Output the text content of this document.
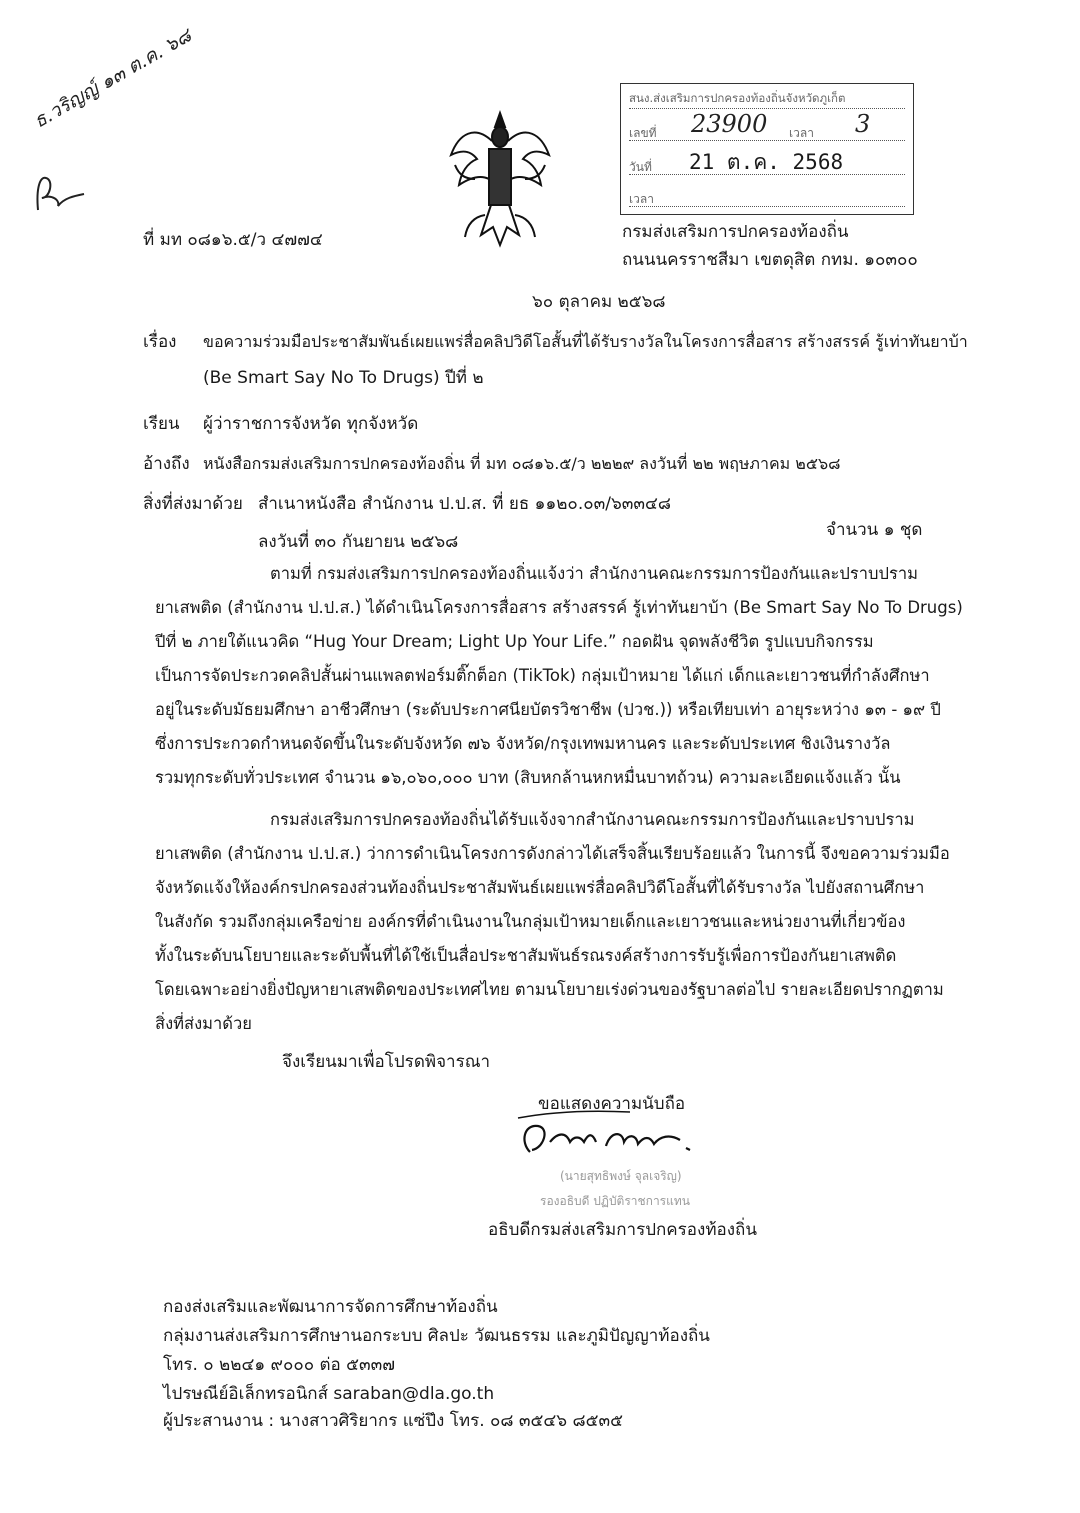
ธ.วริญญ์ ๑๓ ต.ค. ๖๘	สนง.ส่งเสริมการปกครองท้องถิ่นจังหวัดภูเก็ต
เลขที่ 23900 เวลา 3
วันที่ 21 ต.ค. 2568
เวลา
ที่ มท ๐๘๑๖.๕/ว ๔๗๗๔	กรมส่งเสริมการปกครองท้องถิ่น
ถนนนครราชสีมา เขตดุสิต กทม. ๑๐๓๐๐
๖๐ ตุลาคม ๒๕๖๘
เรื่อง ขอความร่วมมือประชาสัมพันธ์เผยแพร่สื่อคลิปวิดีโอสั้นที่ได้รับรางวัลในโครงการสื่อสาร สร้างสรรค์ รู้เท่าทันยาบ้า
(Be Smart Say No To Drugs) ปีที่ ๒
เรียน ผู้ว่าราชการจังหวัด ทุกจังหวัด
อ้างถึง หนังสือกรมส่งเสริมการปกครองท้องถิ่น ที่ มท ๐๘๑๖.๕/ว ๒๒๒๙ ลงวันที่ ๒๒ พฤษภาคม ๒๕๖๘
สิ่งที่ส่งมาด้วย สำเนาหนังสือ สำนักงาน ป.ป.ส. ที่ ยธ ๑๑๒๐.๐๓/๖๓๓๔๘
จำนวน ๑ ชุด
ลงวันที่ ๓๐ กันยายน ๒๕๖๘
ตามที่ กรมส่งเสริมการปกครองท้องถิ่นแจ้งว่า สำนักงานคณะกรรมการป้องกันและปราบปราม
ยาเสพติด (สำนักงาน ป.ป.ส.) ได้ดำเนินโครงการสื่อสาร สร้างสรรค์ รู้เท่าทันยาบ้า (Be Smart Say No To Drugs)
ปีที่ ๒ ภายใต้แนวคิด “Hug Your Dream; Light Up Your Life.” กอดฝัน จุดพลังชีวิต รูปแบบกิจกรรม
เป็นการจัดประกวดคลิปสั้นผ่านแพลตฟอร์มติ๊กต็อก (TikTok) กลุ่มเป้าหมาย ได้แก่ เด็กและเยาวชนที่กำลังศึกษา
อยู่ในระดับมัธยมศึกษา อาชีวศึกษา (ระดับประกาศนียบัตรวิชาชีพ (ปวช.)) หรือเทียบเท่า อายุระหว่าง ๑๓ - ๑๙ ปี
ซึ่งการประกวดกำหนดจัดขึ้นในระดับจังหวัด ๗๖ จังหวัด/กรุงเทพมหานคร และระดับประเทศ ชิงเงินรางวัล
รวมทุกระดับทั่วประเทศ จำนวน ๑๖,๐๖๐,๐๐๐ บาท (สิบหกล้านหกหมื่นบาทถ้วน) ความละเอียดแจ้งแล้ว นั้น
กรมส่งเสริมการปกครองท้องถิ่นได้รับแจ้งจากสำนักงานคณะกรรมการป้องกันและปราบปราม
ยาเสพติด (สำนักงาน ป.ป.ส.) ว่าการดำเนินโครงการดังกล่าวได้เสร็จสิ้นเรียบร้อยแล้ว ในการนี้ จึงขอความร่วมมือ
จังหวัดแจ้งให้องค์กรปกครองส่วนท้องถิ่นประชาสัมพันธ์เผยแพร่สื่อคลิปวิดีโอสั้นที่ได้รับรางวัล ไปยังสถานศึกษา
ในสังกัด รวมถึงกลุ่มเครือข่าย องค์กรที่ดำเนินงานในกลุ่มเป้าหมายเด็กและเยาวชนและหน่วยงานที่เกี่ยวข้อง
ทั้งในระดับนโยบายและระดับพื้นที่ได้ใช้เป็นสื่อประชาสัมพันธ์รณรงค์สร้างการรับรู้เพื่อการป้องกันยาเสพติด
โดยเฉพาะอย่างยิ่งปัญหายาเสพติดของประเทศไทย ตามนโยบายเร่งด่วนของรัฐบาลต่อไป รายละเอียดปรากฏตาม
สิ่งที่ส่งมาด้วย
จึงเรียนมาเพื่อโปรดพิจารณา
ขอแสดงความนับถือ
(นายสุทธิพงษ์ จุลเจริญ)
รองอธิบดี ปฏิบัติราชการแทน
อธิบดีกรมส่งเสริมการปกครองท้องถิ่น
กองส่งเสริมและพัฒนาการจัดการศึกษาท้องถิ่น
กลุ่มงานส่งเสริมการศึกษานอกระบบ ศิลปะ วัฒนธรรม และภูมิปัญญาท้องถิ่น
โทร. ๐ ๒๒๔๑ ๙๐๐๐ ต่อ ๕๓๓๗
ไปรษณีย์อิเล็กทรอนิกส์ saraban@dla.go.th
ผู้ประสานงาน : นางสาวศิริยากร แซ่ปึง โทร. ๐๘ ๓๕๔๖ ๘๕๓๕
